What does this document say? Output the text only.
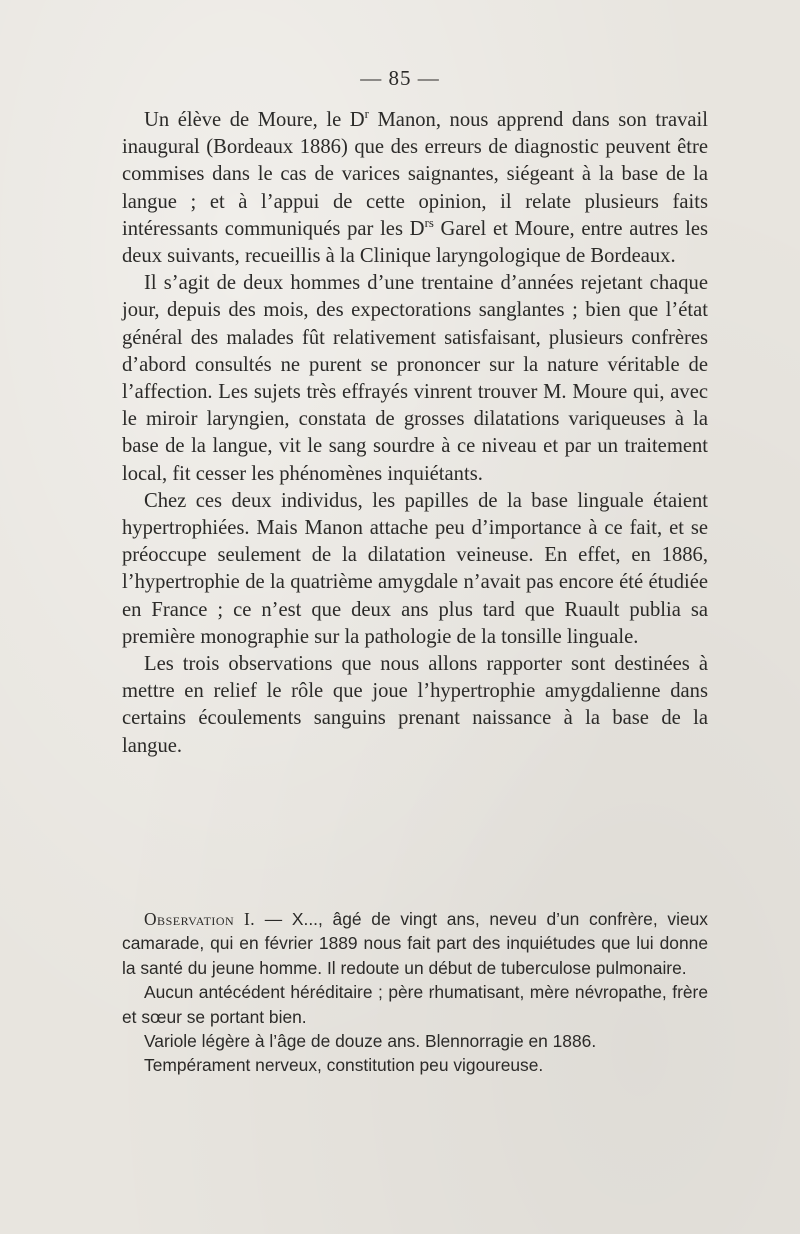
— 85 —

Un élève de Moure, le $D^r$ Manon, nous apprend dans son travail inaugural (Bordeaux 1886) que des erreurs de diagnostic peuvent être commises dans le cas de varices saignantes, siégeant à la base de la langue ; et à l’appui de cette opinion, il relate plusieurs faits intéressants communiqués par les $D^{rs}$ Garel et Moure, entre autres les deux suivants, recueillis à la Clinique laryngologique de Bordeaux.

Il s’agit de deux hommes d’une trentaine d’années rejetant chaque jour, depuis des mois, des expectorations sanglantes ; bien que l’état général des malades fût relativement satisfaisant, plusieurs confrères d’abord consultés ne purent se prononcer sur la nature véritable de l’affection. Les sujets très effrayés vinrent trouver M. Moure qui, avec le miroir laryngien, constata de grosses dilatations variqueuses à la base de la langue, vit le sang sourdre à ce niveau et par un traitement local, fit cesser les phénomènes inquiétants.

Chez ces deux individus, les papilles de la base linguale étaient hypertrophiées. Mais Manon attache peu d’importance à ce fait, et se préoccupe seulement de la dilatation veineuse. En effet, en 1886, l’hypertrophie de la quatrième amygdale n’avait pas encore été étudiée en France ; ce n’est que deux ans plus tard que Ruault publia sa première monographie sur la pathologie de la tonsille linguale.

Les trois observations que nous allons rapporter sont destinées à mettre en relief le rôle que joue l’hypertrophie amygdalienne dans certains écoulements sanguins prenant naissance à la base de la langue.

Observation I. — X..., âgé de vingt ans, neveu d’un confrère, vieux camarade, qui en février 1889 nous fait part des inquiétudes que lui donne la santé du jeune homme. Il redoute un début de tuberculose pulmonaire.

Aucun antécédent héréditaire ; père rhumatisant, mère névropathe, frère et sœur se portant bien.

Variole légère à l’âge de douze ans. Blennorragie en 1886.

Tempérament nerveux, constitution peu vigoureuse.
